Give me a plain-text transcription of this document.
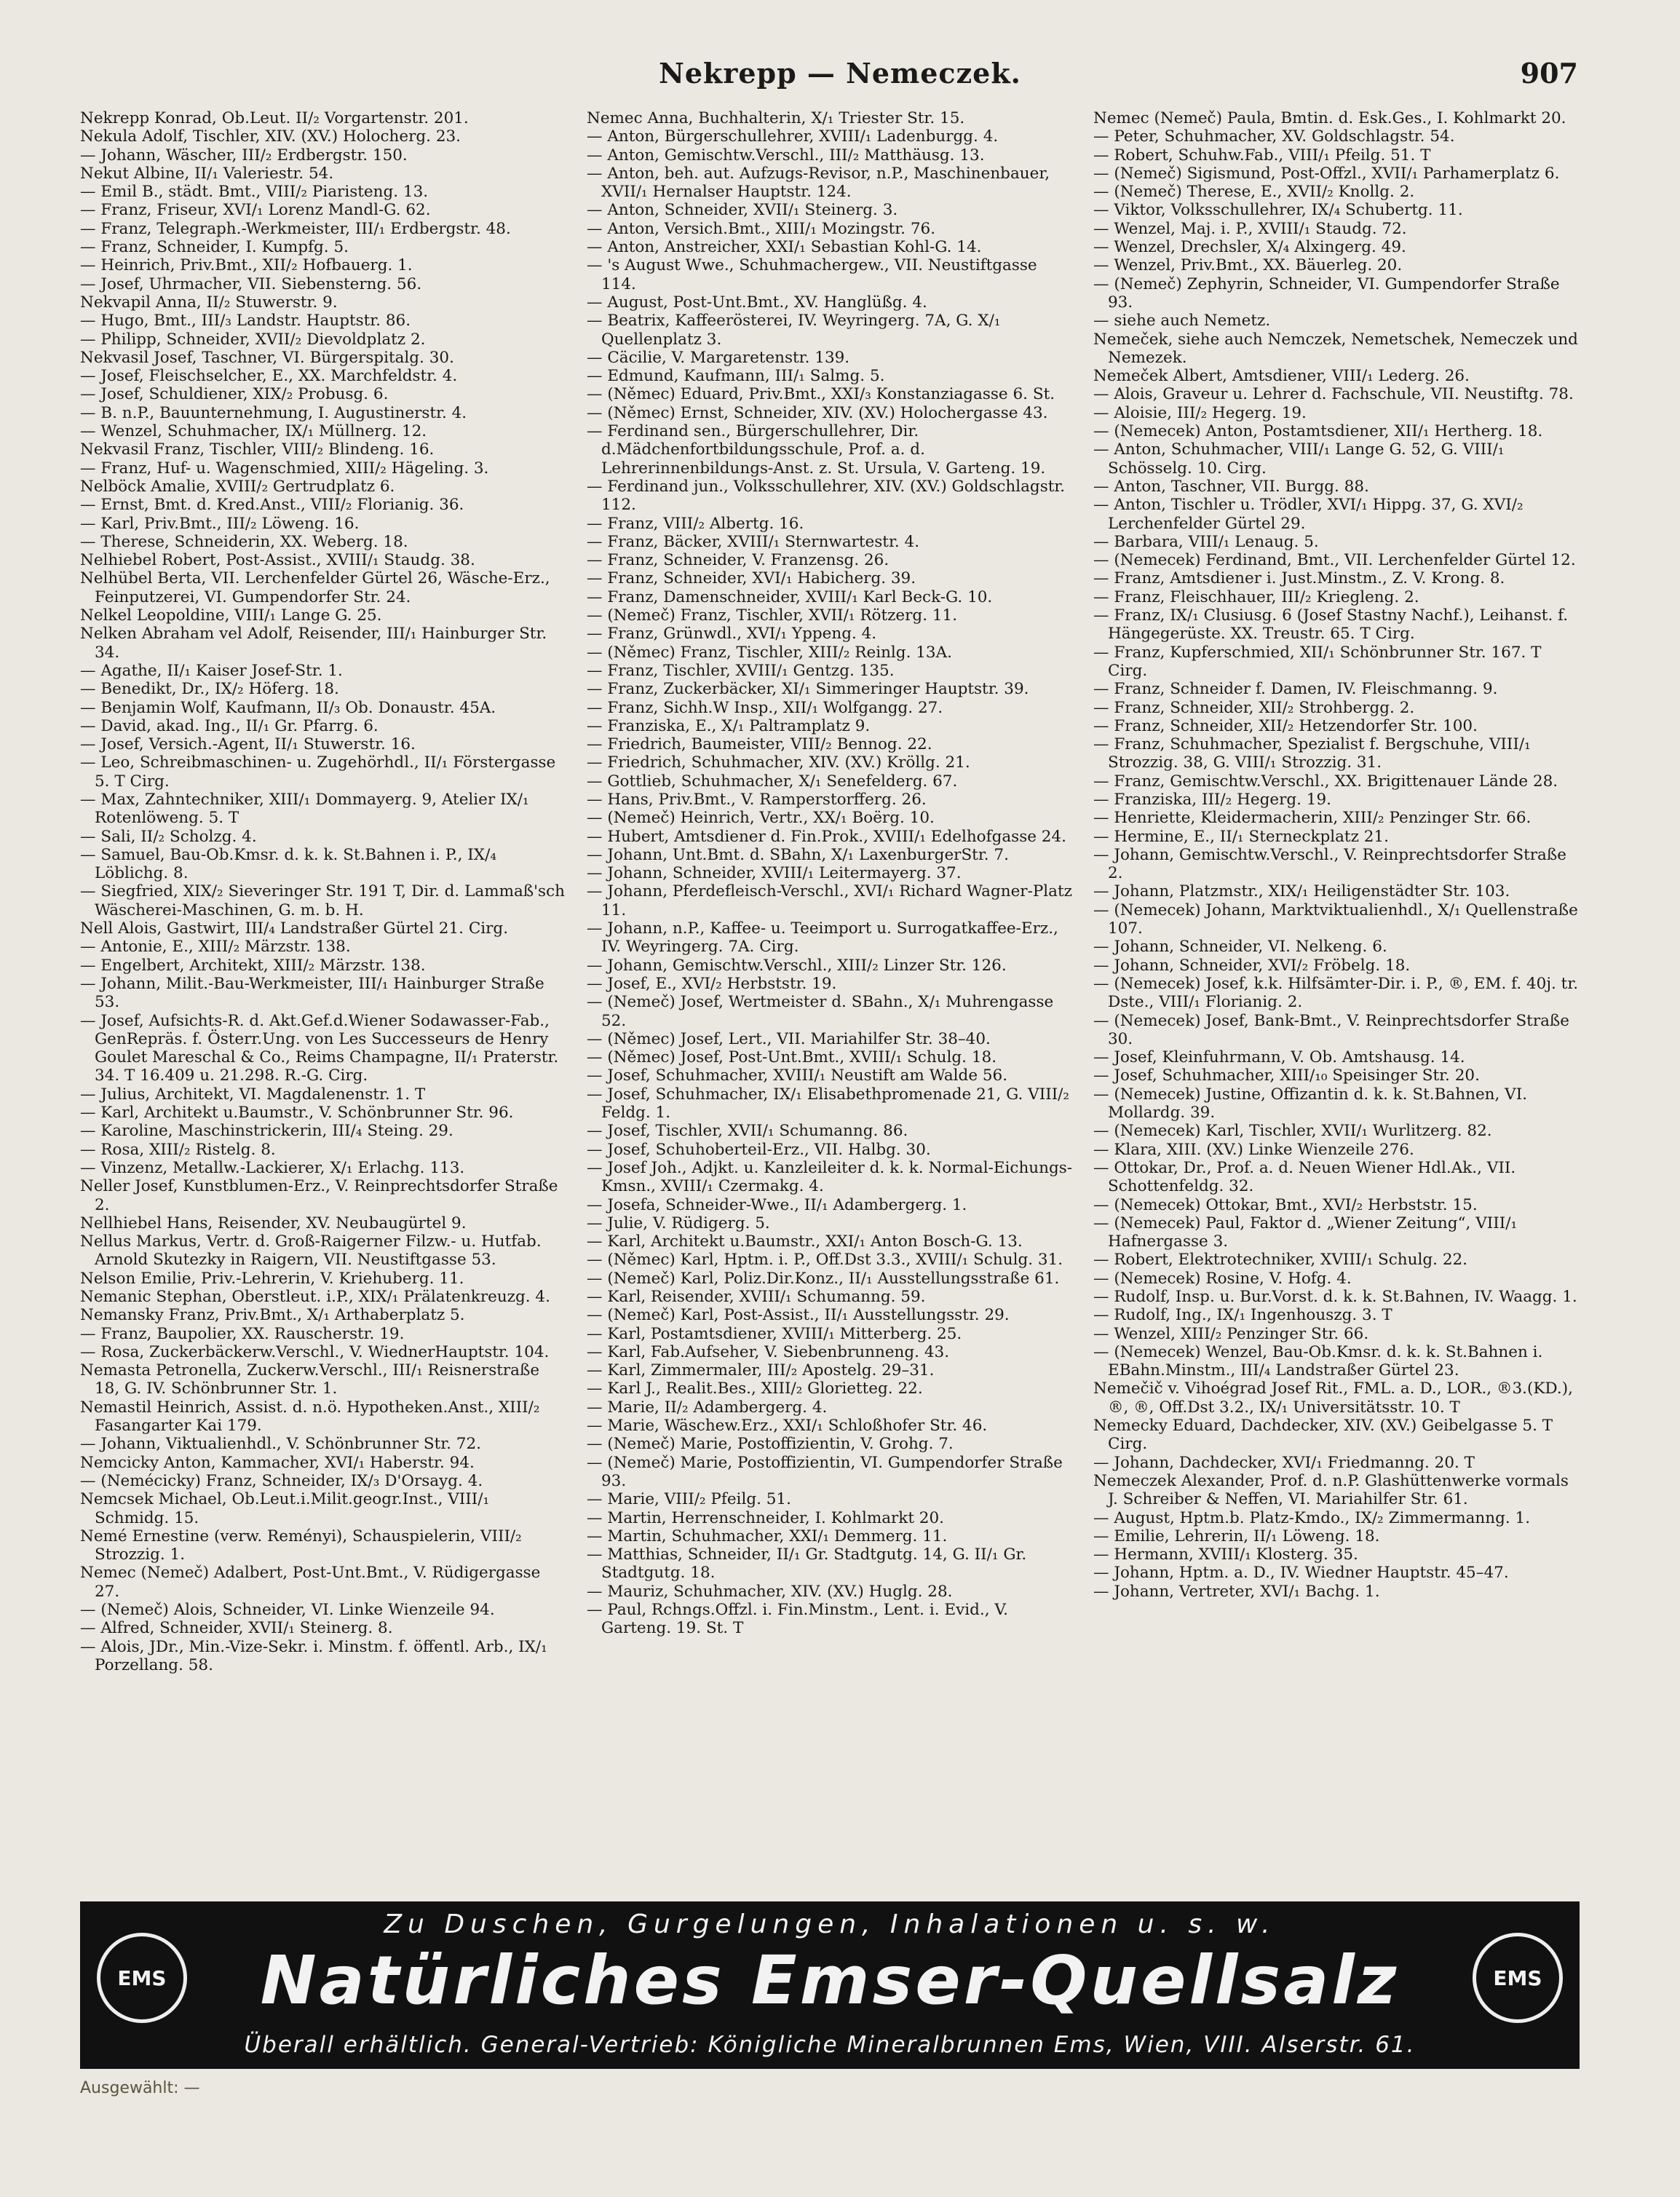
Nekrepp — Nemeczek.	907

Nekrepp Konrad, Ob.Leut. II/₂ Vorgartenstr. 201.

Nekula Adolf, Tischler, XIV. (XV.) Holocherg. 23.

— Johann, Wäscher, III/₂ Erdbergstr. 150.

Nekut Albine, II/₁ Valeriestr. 54.

— Emil B., städt. Bmt., VIII/₂ Piaristeng. 13.

— Franz, Friseur, XVI/₁ Lorenz Mandl-G. 62.

— Franz, Telegraph.-Werkmeister, III/₁ Erdbergstr. 48.

— Franz, Schneider, I. Kumpfg. 5.

— Heinrich, Priv.Bmt., XII/₂ Hofbauerg. 1.

— Josef, Uhrmacher, VII. Siebensterng. 56.

Nekvapil Anna, II/₂ Stuwerstr. 9.

— Hugo, Bmt., III/₃ Landstr. Hauptstr. 86.

— Philipp, Schneider, XVII/₂ Dievoldplatz 2.

Nekvasil Josef, Taschner, VI. Bürgerspitalg. 30.

— Josef, Fleischselcher, E., XX. Marchfeldstr. 4.

— Josef, Schuldiener, XIX/₂ Probusg. 6.

— B. n.P., Bauunternehmung, I. Augustinerstr. 4.

— Wenzel, Schuhmacher, IX/₁ Müllnerg. 12.

Nekvasil Franz, Tischler, VIII/₂ Blindeng. 16.

— Franz, Huf- u. Wagenschmied, XIII/₂ Hägeling. 3.

Nelböck Amalie, XVIII/₂ Gertrudplatz 6.

— Ernst, Bmt. d. Kred.Anst., VIII/₂ Florianig. 36.

— Karl, Priv.Bmt., III/₂ Löweng. 16.

— Therese, Schneiderin, XX. Weberg. 18.

Nelhiebel Robert, Post-Assist., XVIII/₁ Staudg. 38.

Nelhübel Berta, VII. Lerchenfelder Gürtel 26, Wäsche-Erz., Feinputzerei, VI. Gumpendorfer Str. 24.

Nelkel Leopoldine, VIII/₁ Lange G. 25.

Nelken Abraham vel Adolf, Reisender, III/₁ Hainburger Str. 34.

— Agathe, II/₁ Kaiser Josef-Str. 1.

— Benedikt, Dr., IX/₂ Höferg. 18.

— Benjamin Wolf, Kaufmann, II/₃ Ob. Donaustr. 45A.

— David, akad. Ing., II/₁ Gr. Pfarrg. 6.

— Josef, Versich.-Agent, II/₁ Stuwerstr. 16.

— Leo, Schreibmaschinen- u. Zugehörhdl., II/₁ Förstergasse 5. T Cirg.

— Max, Zahntechniker, XIII/₁ Dommayerg. 9, Atelier IX/₁ Rotenlöweng. 5. T

— Sali, II/₂ Scholzg. 4.

— Samuel, Bau-Ob.Kmsr. d. k. k. St.Bahnen i. P., IX/₄ Löblichg. 8.

— Siegfried, XIX/₂ Sieveringer Str. 191 T, Dir. d. Lammaß'sch Wäscherei-Maschinen, G. m. b. H.

Nell Alois, Gastwirt, III/₄ Landstraßer Gürtel 21. Cirg.

— Antonie, E., XIII/₂ Märzstr. 138.

— Engelbert, Architekt, XIII/₂ Märzstr. 138.

— Johann, Milit.-Bau-Werkmeister, III/₁ Hainburger Straße 53.

— Josef, Aufsichts-R. d. Akt.Gef.d.Wiener Sodawasser-Fab., GenRepräs. f. Österr.Ung. von Les Successeurs de Henry Goulet Mareschal & Co., Reims Champagne, II/₁ Praterstr. 34. T 16.409 u. 21.298. R.-G. Cirg.

— Julius, Architekt, VI. Magdalenenstr. 1. T

— Karl, Architekt u.Baumstr., V. Schönbrunner Str. 96.

— Karoline, Maschinstrickerin, III/₄ Steing. 29.

— Rosa, XIII/₂ Ristelg. 8.

— Vinzenz, Metallw.-Lackierer, X/₁ Erlachg. 113.

Neller Josef, Kunstblumen-Erz., V. Reinprechtsdorfer Straße 2.

Nellhiebel Hans, Reisender, XV. Neubaugürtel 9.

Nellus Markus, Vertr. d. Groß-Raigerner Filzw.- u. Hutfab. Arnold Skutezky in Raigern, VII. Neustiftgasse 53.

Nelson Emilie, Priv.-Lehrerin, V. Kriehuberg. 11.

Nemanic Stephan, Oberstleut. i.P., XIX/₁ Prälatenkreuzg. 4.

Nemansky Franz, Priv.Bmt., X/₁ Arthaberplatz 5.

— Franz, Baupolier, XX. Rauscherstr. 19.

— Rosa, Zuckerbäckerw.Verschl., V. WiednerHauptstr. 104.

Nemasta Petronella, Zuckerw.Verschl., III/₁ Reisnerstraße 18, G. IV. Schönbrunner Str. 1.

Nemastil Heinrich, Assist. d. n.ö. Hypotheken.Anst., XIII/₂ Fasangarter Kai 179.

— Johann, Viktualienhdl., V. Schönbrunner Str. 72.

Nemcicky Anton, Kammacher, XVI/₁ Haberstr. 94.

— (Nemécicky) Franz, Schneider, IX/₃ D'Orsayg. 4.

Nemcsek Michael, Ob.Leut.i.Milit.geogr.Inst., VIII/₁ Schmidg. 15.

Nemé Ernestine (verw. Reményi), Schauspielerin, VIII/₂ Strozzig. 1.

Nemec (Nemeč) Adalbert, Post-Unt.Bmt., V. Rüdigergasse 27.

— (Nemeč) Alois, Schneider, VI. Linke Wienzeile 94.

— Alfred, Schneider, XVII/₁ Steinerg. 8.

— Alois, JDr., Min.-Vize-Sekr. i. Minstm. f. öffentl. Arb., IX/₁ Porzellang. 58.

Nemec Anna, Buchhalterin, X/₁ Triester Str. 15.

— Anton, Bürgerschullehrer, XVIII/₁ Ladenburgg. 4.

— Anton, Gemischtw.Verschl., III/₂ Matthäusg. 13.

— Anton, beh. aut. Aufzugs-Revisor, n.P., Maschinenbauer, XVII/₁ Hernalser Hauptstr. 124.

— Anton, Schneider, XVII/₁ Steinerg. 3.

— Anton, Versich.Bmt., XIII/₁ Mozingstr. 76.

— Anton, Anstreicher, XXI/₁ Sebastian Kohl-G. 14.

— 's August Wwe., Schuhmachergew., VII. Neustiftgasse 114.

— August, Post-Unt.Bmt., XV. Hanglüßg. 4.

— Beatrix, Kaffeerösterei, IV. Weyringerg. 7A, G. X/₁ Quellenplatz 3.

— Cäcilie, V. Margaretenstr. 139.

— Edmund, Kaufmann, III/₁ Salmg. 5.

— (Němec) Eduard, Priv.Bmt., XXI/₃ Konstanziagasse 6. St.

— (Němec) Ernst, Schneider, XIV. (XV.) Holochergasse 43.

— Ferdinand sen., Bürgerschullehrer, Dir. d.Mädchenfortbildungsschule, Prof. a. d. Lehrerinnenbildungs-Anst. z. St. Ursula, V. Garteng. 19.

— Ferdinand jun., Volksschullehrer, XIV. (XV.) Goldschlagstr. 112.

— Franz, VIII/₂ Albertg. 16.

— Franz, Bäcker, XVIII/₁ Sternwartestr. 4.

— Franz, Schneider, V. Franzensg. 26.

— Franz, Schneider, XVI/₁ Habicherg. 39.

— Franz, Damenschneider, XVIII/₁ Karl Beck-G. 10.

— (Nemeč) Franz, Tischler, XVII/₁ Rötzerg. 11.

— Franz, Grünwdl., XVI/₁ Yppeng. 4.

— (Němec) Franz, Tischler, XIII/₂ Reinlg. 13A.

— Franz, Tischler, XVIII/₁ Gentzg. 135.

— Franz, Zuckerbäcker, XI/₁ Simmeringer Hauptstr. 39.

— Franz, Sichh.W Insp., XII/₁ Wolfgangg. 27.

— Franziska, E., X/₁ Paltramplatz 9.

— Friedrich, Baumeister, VIII/₂ Bennog. 22.

— Friedrich, Schuhmacher, XIV. (XV.) Kröllg. 21.

— Gottlieb, Schuhmacher, X/₁ Senefelderg. 67.

— Hans, Priv.Bmt., V. Ramperstorfferg. 26.

— (Nemeč) Heinrich, Vertr., XX/₁ Bоёrg. 10.

— Hubert, Amtsdiener d. Fin.Prok., XVIII/₁ Edelhofgasse 24.

— Johann, Unt.Bmt. d. SBahn, X/₁ LaxenburgerStr. 7.

— Johann, Schneider, XVIII/₁ Leitermayerg. 37.

— Johann, Pferdefleisch-Verschl., XVI/₁ Richard Wagner-Platz 11.

— Johann, n.P., Kaffee- u. Teeimport u. Surrogatkaffee-Erz., IV. Weyringerg. 7A. Cirg.

— Johann, Gemischtw.Verschl., XIII/₂ Linzer Str. 126.

— Josef, E., XVI/₂ Herbststr. 19.

— (Nemeč) Josef, Wertmeister d. SBahn., X/₁ Muhrengasse 52.

— (Němec) Josef, Lert., VII. Mariahilfer Str. 38–40.

— (Němec) Josef, Post-Unt.Bmt., XVIII/₁ Schulg. 18.

— Josef, Schuhmacher, XVIII/₁ Neustift am Walde 56.

— Josef, Schuhmacher, IX/₁ Elisabethpromenade 21, G. VIII/₂ Feldg. 1.

— Josef, Tischler, XVII/₁ Schumanng. 86.

— Josef, Schuhoberteil-Erz., VII. Halbg. 30.

— Josef Joh., Adjkt. u. Kanzleileiter d. k. k. Normal-Eichungs-Kmsn., XVIII/₁ Czermakg. 4.

— Josefa, Schneider-Wwe., II/₁ Adambergerg. 1.

— Julie, V. Rüdigerg. 5.

— Karl, Architekt u.Baumstr., XXI/₁ Anton Bosch-G. 13.

— (Němec) Karl, Hptm. i. P., Off.Dst 3.3., XVIII/₁ Schulg. 31.

— (Nemeč) Karl, Poliz.Dir.Konz., II/₁ Ausstellungsstraße 61.

— Karl, Reisender, XVIII/₁ Schumanng. 59.

— (Nemeč) Karl, Post-Assist., II/₁ Ausstellungsstr. 29.

— Karl, Postamtsdiener, XVIII/₁ Mitterberg. 25.

— Karl, Fab.Aufseher, V. Siebenbrunneng. 43.

— Karl, Zimmermaler, III/₂ Apostelg. 29–31.

— Karl J., Realit.Bes., XIII/₂ Glorietteg. 22.

— Marie, II/₂ Adambergerg. 4.

— Marie, Wäschew.Erz., XXI/₁ Schloßhofer Str. 46.

— (Nemeč) Marie, Postoffizientin, V. Grohg. 7.

— (Nemeč) Marie, Postoffizientin, VI. Gumpendorfer Straße 93.

— Marie, VIII/₂ Pfeilg. 51.

— Martin, Herrenschneider, I. Kohlmarkt 20.

— Martin, Schuhmacher, XXI/₁ Demmerg. 11.

— Matthias, Schneider, II/₁ Gr. Stadtgutg. 14, G. II/₁ Gr. Stadtgutg. 18.

— Mauriz, Schuhmacher, XIV. (XV.) Huglg. 28.

— Paul, Rchngs.Offzl. i. Fin.Minstm., Lent. i. Evid., V. Garteng. 19. St. T

Nemec (Nemeč) Paula, Bmtin. d. Esk.Ges., I. Kohlmarkt 20.

— Peter, Schuhmacher, XV. Goldschlagstr. 54.

— Robert, Schuhw.Fab., VIII/₁ Pfeilg. 51. T

— (Nemeč) Sigismund, Post-Offzl., XVII/₁ Parhamerplatz 6.

— (Nemeč) Therese, E., XVII/₂ Knollg. 2.

— Viktor, Volksschullehrer, IX/₄ Schubertg. 11.

— Wenzel, Maj. i. P., XVIII/₁ Staudg. 72.

— Wenzel, Drechsler, X/₄ Alxingerg. 49.

— Wenzel, Priv.Bmt., XX. Bäuerleg. 20.

— (Nemeč) Zephyrin, Schneider, VI. Gumpendorfer Straße 93.

— siehe auch Nemetz.

Nemeček, siehe auch Nemczek, Nemetschek, Nemeczek und Nemezek.

Nemeček Albert, Amtsdiener, VIII/₁ Lederg. 26.

— Alois, Graveur u. Lehrer d. Fachschule, VII. Neustiftg. 78.

— Aloisie, III/₂ Hegerg. 19.

— (Nemecek) Anton, Postamtsdiener, XII/₁ Hertherg. 18.

— Anton, Schuhmacher, VIII/₁ Lange G. 52, G. VIII/₁ Schösselg. 10. Cirg.

— Anton, Taschner, VII. Burgg. 88.

— Anton, Tischler u. Trödler, XVI/₁ Hippg. 37, G. XVI/₂ Lerchenfelder Gürtel 29.

— Barbara, VIII/₁ Lenaug. 5.

— (Nemecek) Ferdinand, Bmt., VII. Lerchenfelder Gürtel 12.

— Franz, Amtsdiener i. Just.Minstm., Z. V. Krong. 8.

— Franz, Fleischhauer, III/₂ Kriegleng. 2.

— Franz, IX/₁ Clusiusg. 6 (Josef Stastny Nachf.), Leihanst. f. Hängegerüste. XX. Treustr. 65. T Cirg.

— Franz, Kupferschmied, XII/₁ Schönbrunner Str. 167. T Cirg.

— Franz, Schneider f. Damen, IV. Fleischmanng. 9.

— Franz, Schneider, XII/₂ Strohbergg. 2.

— Franz, Schneider, XII/₂ Hetzendorfer Str. 100.

— Franz, Schuhmacher, Spezialist f. Bergschuhe, VIII/₁ Strozzig. 38, G. VIII/₁ Strozzig. 31.

— Franz, Gemischtw.Verschl., XX. Brigittenauer Lände 28.

— Franziska, III/₂ Hegerg. 19.

— Henriette, Kleidermacherin, XIII/₂ Penzinger Str. 66.

— Hermine, E., II/₁ Sterneckplatz 21.

— Johann, Gemischtw.Verschl., V. Reinprechtsdorfer Straße 2.

— Johann, Platzmstr., XIX/₁ Heiligenstädter Str. 103.

— (Nemecek) Johann, Marktviktualienhdl., X/₁ Quellenstraße 107.

— Johann, Schneider, VI. Nelkeng. 6.

— Johann, Schneider, XVI/₂ Fröbelg. 18.

— (Nemecek) Josef, k.k. Hilfsämter-Dir. i. P., ®, EM. f. 40j. tr. Dste., VIII/₁ Florianig. 2.

— (Nemecek) Josef, Bank-Bmt., V. Reinprechtsdorfer Straße 30.

— Josef, Kleinfuhrmann, V. Ob. Amtshausg. 14.

— Josef, Schuhmacher, XIII/₁₀ Speisinger Str. 20.

— (Nemecek) Justine, Offizantin d. k. k. St.Bahnen, VI. Mollardg. 39.

— (Nemecek) Karl, Tischler, XVII/₁ Wurlitzerg. 82.

— Klara, XIII. (XV.) Linke Wienzeile 276.

— Ottokar, Dr., Prof. a. d. Neuen Wiener Hdl.Ak., VII. Schottenfeldg. 32.

— (Nemecek) Ottokar, Bmt., XVI/₂ Herbststr. 15.

— (Nemecek) Paul, Faktor d. „Wiener Zeitung“, VIII/₁ Hafnergasse 3.

— Robert, Elektrotechniker, XVIII/₁ Schulg. 22.

— (Nemecek) Rosine, V. Hofg. 4.

— Rudolf, Insp. u. Bur.Vorst. d. k. k. St.Bahnen, IV. Waagg. 1.

— Rudolf, Ing., IX/₁ Ingenhouszg. 3. T

— Wenzel, XIII/₂ Penzinger Str. 66.

— (Nemecek) Wenzel, Bau-Ob.Kmsr. d. k. k. St.Bahnen i. EBahn.Minstm., III/₄ Landstraßer Gürtel 23.

Nemečič v. Vihoégrad Josef Rit., FML. a. D., LOR., ®3.(KD.), ®, ®, Off.Dst 3.2., IX/₁ Universitätsstr. 10. T

Nemecky Eduard, Dachdecker, XIV. (XV.) Geibelgasse 5. T Cirg.

— Johann, Dachdecker, XVI/₁ Friedmanng. 20. T

Nemeczek Alexander, Prof. d. n.P. Glashüttenwerke vormals J. Schreiber & Neffen, VI. Mariahilfer Str. 61.

— August, Hptm.b. Platz-Kmdo., IX/₂ Zimmermanng. 1.

— Emilie, Lehrerin, II/₁ Löweng. 18.

— Hermann, XVIII/₁ Klosterg. 35.

— Johann, Hptm. a. D., IV. Wiedner Hauptstr. 45–47.

— Johann, Vertreter, XVI/₁ Bachg. 1.

EMS	EMS
Zu Duschen, Gurgelungen, Inhalationen u. s. w.
Natürliches Emser-Quellsalz
Überall erhältlich. General-Vertrieb: Königliche Mineralbrunnen Ems, Wien, VIII. Alserstr. 61.
Ausgewählt: —
